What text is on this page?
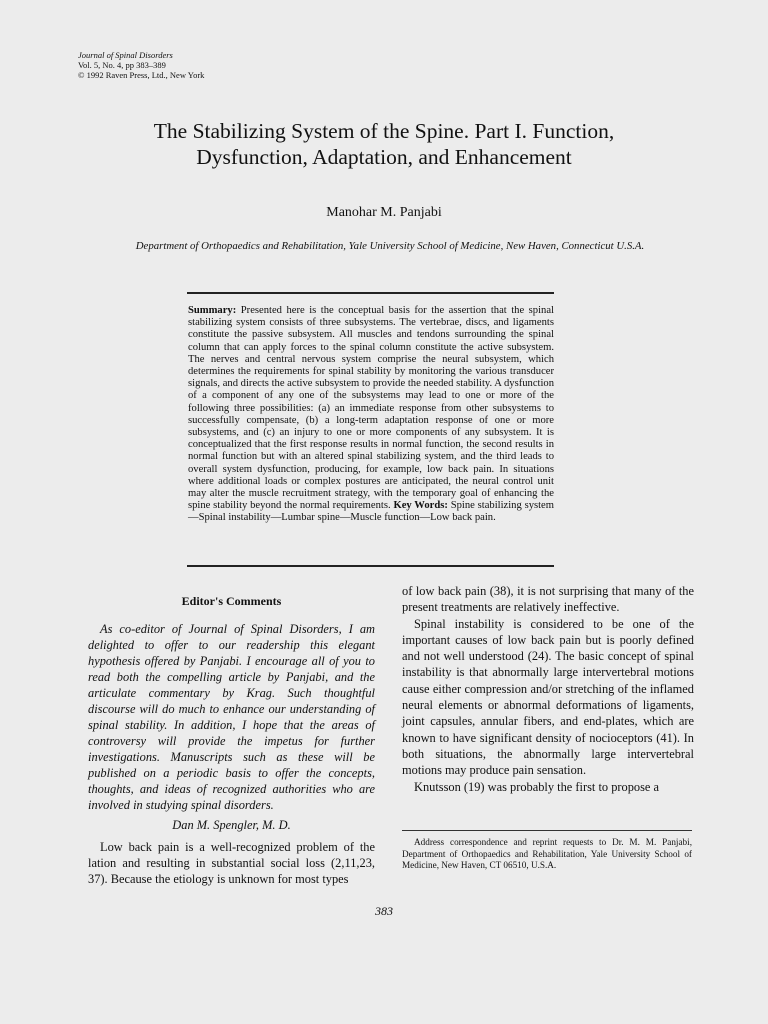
Journal of Spinal Disorders
Vol. 5, No. 4, pp 383–389
© 1992 Raven Press, Ltd., New York
The Stabilizing System of the Spine. Part I. Function,
Dysfunction, Adaptation, and Enhancement
Manohar M. Panjabi
Department of Orthopaedics and Rehabilitation, Yale University School of Medicine, New Haven, Connecticut U.S.A.
Summary: Presented here is the conceptual basis for the assertion that the spinal stabilizing system consists of three subsystems. The vertebrae, discs, and ligaments constitute the passive subsystem. All muscles and tendons surrounding the spinal column that can apply forces to the spinal column constitute the active subsystem. The nerves and central nervous system comprise the neural subsystem, which determines the requirements for spinal stability by monitoring the various transducer signals, and directs the active subsystem to provide the needed stability. A dysfunction of a component of any one of the subsystems may lead to one or more of the following three possibilities: (a) an immediate response from other subsystems to successfully compensate, (b) a long-term adaptation response of one or more subsystems, and (c) an injury to one or more components of any subsystem. It is conceptualized that the first response results in normal function, the second results in normal function but with an altered spinal stabilizing system, and the third leads to overall system dysfunction, producing, for example, low back pain. In situations where additional loads or complex postures are anticipated, the neural control unit may alter the muscle recruitment strategy, with the temporary goal of enhancing the spine stability beyond the normal requirements. Key Words: Spine stabilizing system—Spinal instability—Lumbar spine—Muscle function—Low back pain.
Editor's Comments

As co-editor of Journal of Spinal Disorders, I am delighted to offer to our readership this elegant hypothesis offered by Panjabi. I encourage all of you to read both the compelling article by Panjabi, and the articulate commentary by Krag. Such thoughtful discourse will do much to enhance our understanding of spinal stability. In addition, I hope that the areas of controversy will provide the impetus for further investigations. Manuscripts such as these will be published on a periodic basis to offer the concepts, thoughts, and ideas of recognized authorities who are involved in studying spinal disorders.

Dan M. Spengler, M. D.

Low back pain is a well-recognized problem of the lation and resulting in substantial social loss (2,11,23, 37). Because the etiology is unknown for most types

of low back pain (38), it is not surprising that many of the present treatments are relatively ineffective.

Spinal instability is considered to be one of the important causes of low back pain but is poorly defined and not well understood (24). The basic concept of spinal instability is that abnormally large intervertebral motions cause either compression and/or stretching of the inflamed neural elements or abnormal deformations of ligaments, joint capsules, annular fibers, and end-plates, which are known to have significant density of nocioceptors (41). In both situations, the abnormally large intervertebral motions may produce pain sensation.

Knutsson (19) was probably the first to propose a

Address correspondence and reprint requests to Dr. M. M. Panjabi, Department of Orthopaedics and Rehabilitation, Yale University School of Medicine, New Haven, CT 06510, U.S.A.
383
